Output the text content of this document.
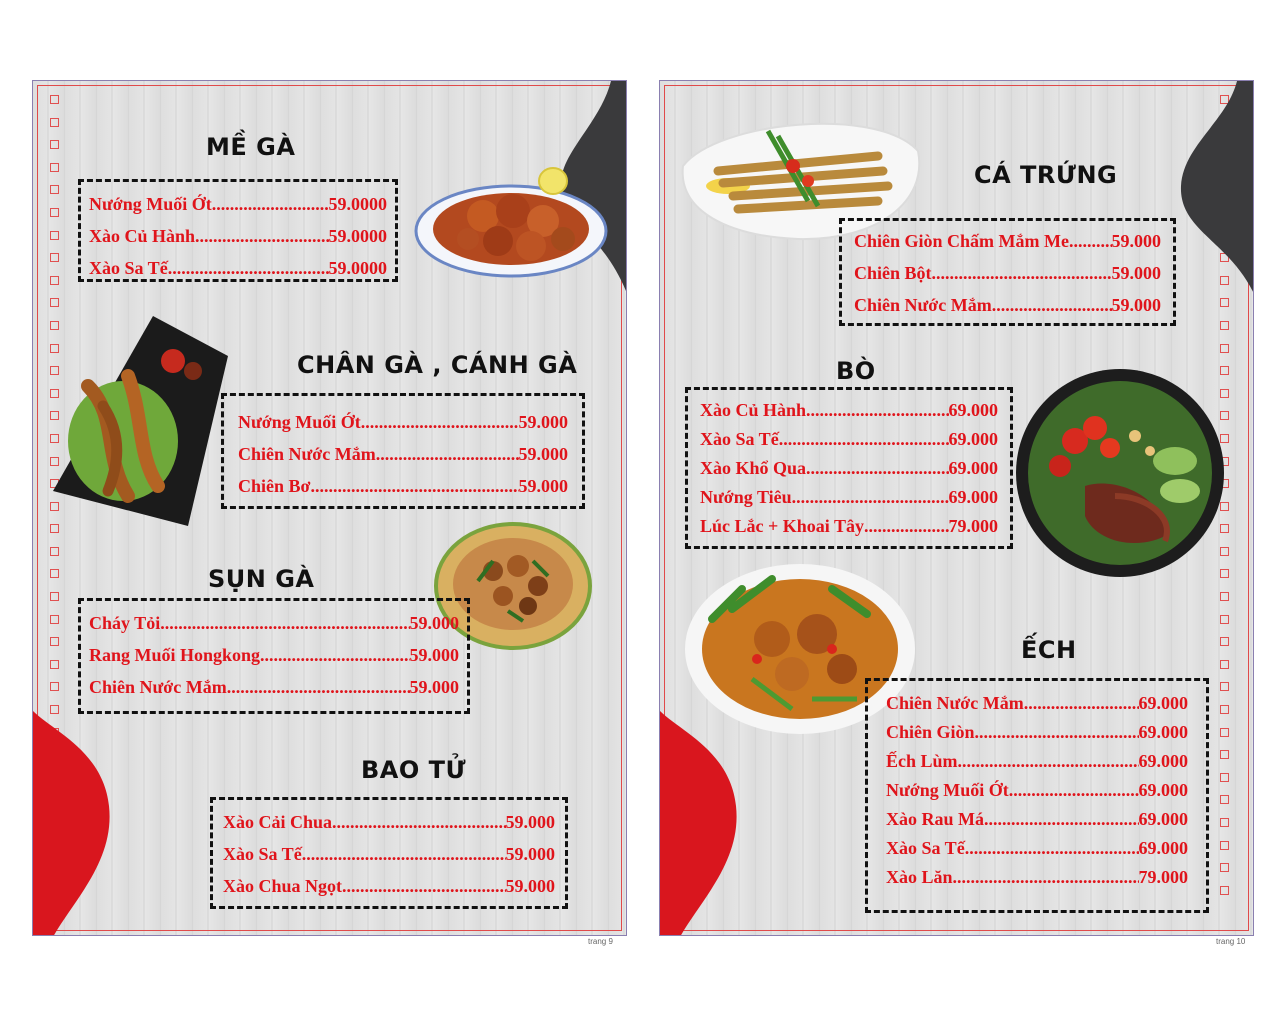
MỀ GÀ
Nướng Muối Ớt .....	59.0000
Xào Củ Hành .....	59.0000
Xào Sa Tế .....	59.0000
CHÂN GÀ , CÁNH GÀ
Nướng Muối Ớt .....	59.000
Chiên Nước Mắm .....	59.000
Chiên Bơ .....	59.000
SỤN GÀ
Cháy Tỏi .....	59.000
Rang Muối Hongkong .....	59.000
Chiên Nước Mắm .....	59.000
BAO TỬ
Xào Cải Chua .....	59.000
Xào Sa Tế .....	59.000
Xào Chua Ngọt .....	59.000
trang 9
CÁ TRỨNG
Chiên Giòn Chấm Mắm Me ..... 59.000
Chiên Bột .....	59.000
Chiên Nước Mắm .....	59.000
BÒ
Xào Củ Hành .....	69.000
Xào Sa Tế .....	69.000
Xào Khổ Qua .....	69.000
Nướng Tiêu .....	69.000
Lúc Lắc + Khoai Tây .....	79.000
ẾCH
Chiên Nước Mắm .....	69.000
Chiên Giòn .....	69.000
Ếch Lùm .....	69.000
Nướng Muối Ớt .....	69.000
Xào Rau Má .....	69.000
Xào Sa Tế .....	69.000
Xào Lăn .....	79.000
trang 10
